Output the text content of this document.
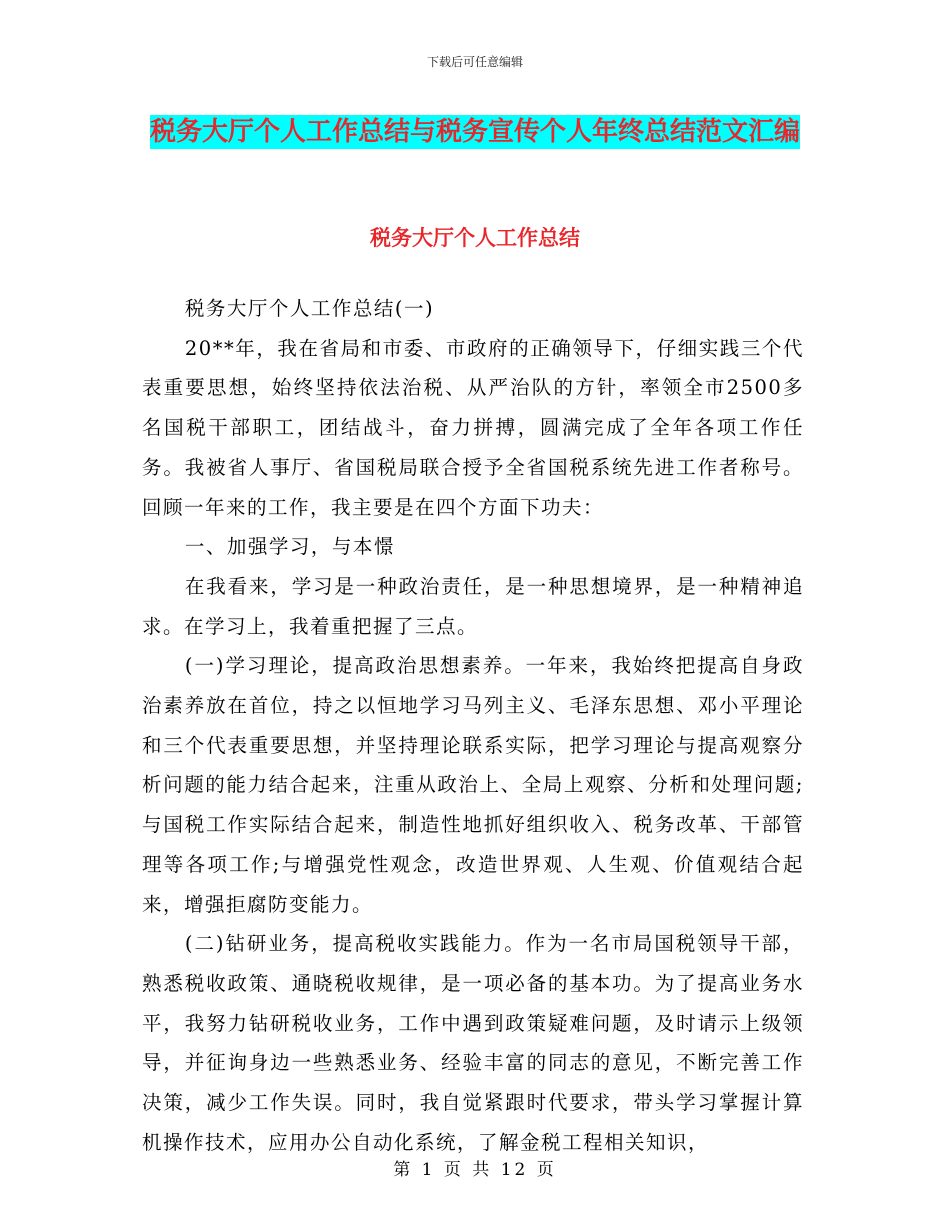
下载后可任意编辑
税务大厅个人工作总结与税务宣传个人年终总结范文汇编
税务大厅个人工作总结

税务大厅个人工作总结(一)

20**年，我在省局和市委、市政府的正确领导下，仔细实践三个代表重要思想，始终坚持依法治税、从严治队的方针，率领全市2500多名国税干部职工，团结战斗，奋力拼搏，圆满完成了全年各项工作任务。我被省人事厅、省国税局联合授予全省国税系统先进工作者称号。回顾一年来的工作，我主要是在四个方面下功夫：

一、加强学习，与本憬

在我看来，学习是一种政治责任，是一种思想境界，是一种精神追求。在学习上，我着重把握了三点。

(一)学习理论，提高政治思想素养。一年来，我始终把提高自身政治素养放在首位，持之以恒地学习马列主义、毛泽东思想、邓小平理论和三个代表重要思想，并坚持理论联系实际，把学习理论与提高观察分析问题的能力结合起来，注重从政治上、全局上观察、分析和处理问题;与国税工作实际结合起来，制造性地抓好组织收入、税务改革、干部管理等各项工作;与增强党性观念，改造世界观、人生观、价值观结合起来，增强拒腐防变能力。

(二)钻研业务，提高税收实践能力。作为一名市局国税领导干部，熟悉税收政策、通晓税收规律，是一项必备的基本功。为了提高业务水平，我努力钻研税收业务，工作中遇到政策疑难问题，及时请示上级领导，并征询身边一些熟悉业务、经验丰富的同志的意见，不断完善工作决策，减少工作失误。同时，我自觉紧跟时代要求，带头学习掌握计算机操作技术，应用办公自动化系统，了解金税工程相关知识，

第 1 页 共 12 页
